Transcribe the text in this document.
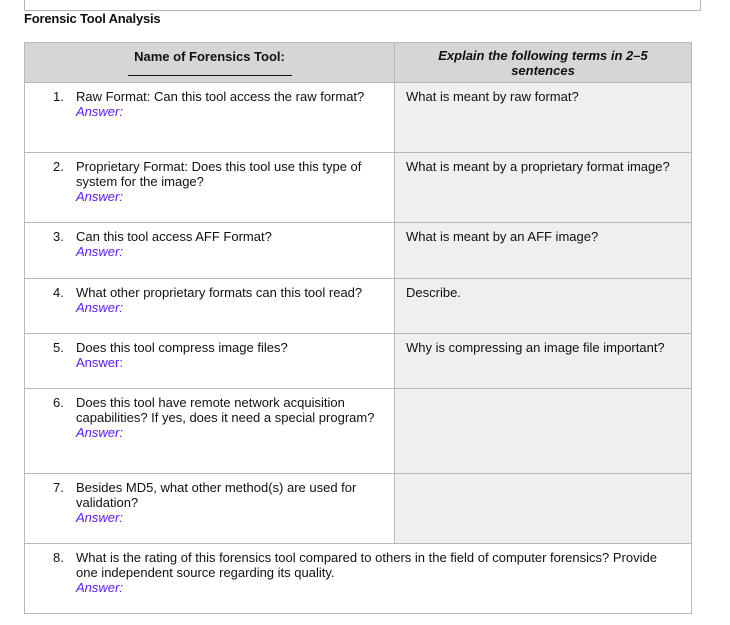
Forensic Tool Analysis
Name of Forensics Tool:	Explain the following terms in 2–5 sentences

1. Raw Format: Can this tool access the raw format?
Answer:	What is meant by raw format?

2. Proprietary Format: Does this tool use this type of system for the image?
Answer:	What is meant by a proprietary format image?

3. Can this tool access AFF Format?
Answer:	What is meant by an AFF image?

4. What other proprietary formats can this tool read?
Answer:	Describe.

5. Does this tool compress image files?
Answer:	Why is compressing an image file important?

6. Does this tool have remote network acquisition capabilities? If yes, does it need a special program?
Answer:	

7. Besides MD5, what other method(s) are used for validation?
Answer:	

8. What is the rating of this forensics tool compared to others in the field of computer forensics? Provide one independent source regarding its quality.
Answer:	
